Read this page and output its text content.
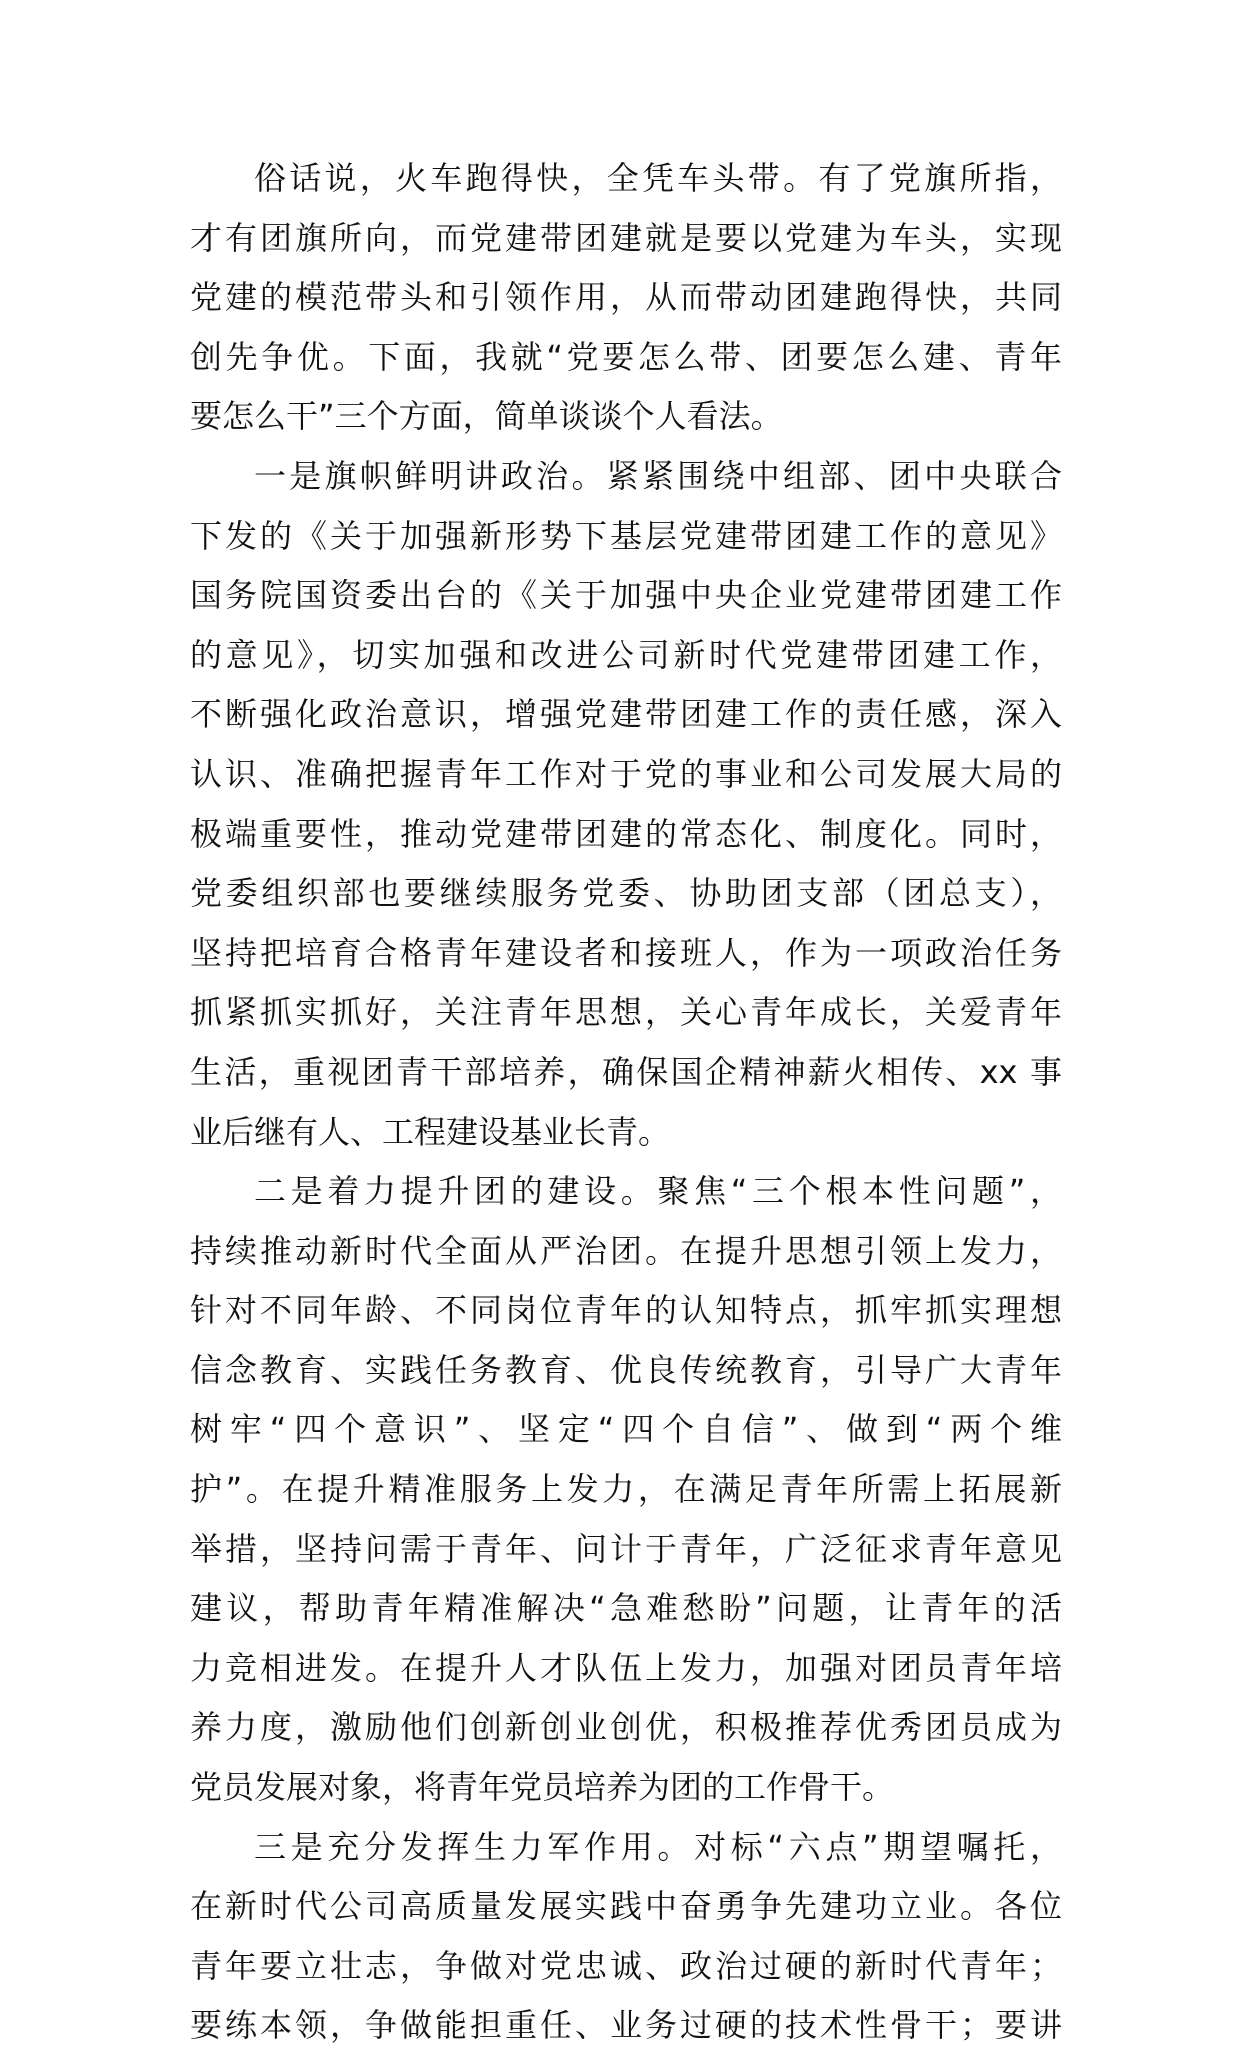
俗话说，火车跑得快，全凭车头带。有了党旗所指，
才有团旗所向，而党建带团建就是要以党建为车头，实现
党建的模范带头和引领作用，从而带动团建跑得快，共同
创先争优。下面，我就“党要怎么带、团要怎么建、青年
要怎么干”三个方面，简单谈谈个人看法。
一是旗帜鲜明讲政治。紧紧围绕中组部、团中央联合
下发的《关于加强新形势下基层党建带团建工作的意见》
国务院国资委出台的《关于加强中央企业党建带团建工作
的意见》，切实加强和改进公司新时代党建带团建工作，
不断强化政治意识，增强党建带团建工作的责任感，深入
认识、准确把握青年工作对于党的事业和公司发展大局的
极端重要性，推动党建带团建的常态化、制度化。同时，
党委组织部也要继续服务党委、协助团支部（团总支），
坚持把培育合格青年建设者和接班人，作为一项政治任务
抓紧抓实抓好，关注青年思想，关心青年成长，关爱青年
生活，重视团青干部培养，确保国企精神薪火相传、xx 事
业后继有人、工程建设基业长青。
二是着力提升团的建设。聚焦“三个根本性问题”，
持续推动新时代全面从严治团。在提升思想引领上发力，
针对不同年龄、不同岗位青年的认知特点，抓牢抓实理想
信念教育、实践任务教育、优良传统教育，引导广大青年
树牢“四个意识”、坚定“四个自信”、做到“两个维
护”。在提升精准服务上发力，在满足青年所需上拓展新
举措，坚持问需于青年、问计于青年，广泛征求青年意见
建议，帮助青年精准解决“急难愁盼”问题，让青年的活
力竞相进发。在提升人才队伍上发力，加强对团员青年培
养力度，激励他们创新创业创优，积极推荐优秀团员成为
党员发展对象，将青年党员培养为团的工作骨干。
三是充分发挥生力军作用。对标“六点”期望嘱托，
在新时代公司高质量发展实践中奋勇争先建功立业。各位
青年要立壮志，争做对党忠诚、政治过硬的新时代青年；
要练本领，争做能担重任、业务过硬的技术性骨干；要讲
